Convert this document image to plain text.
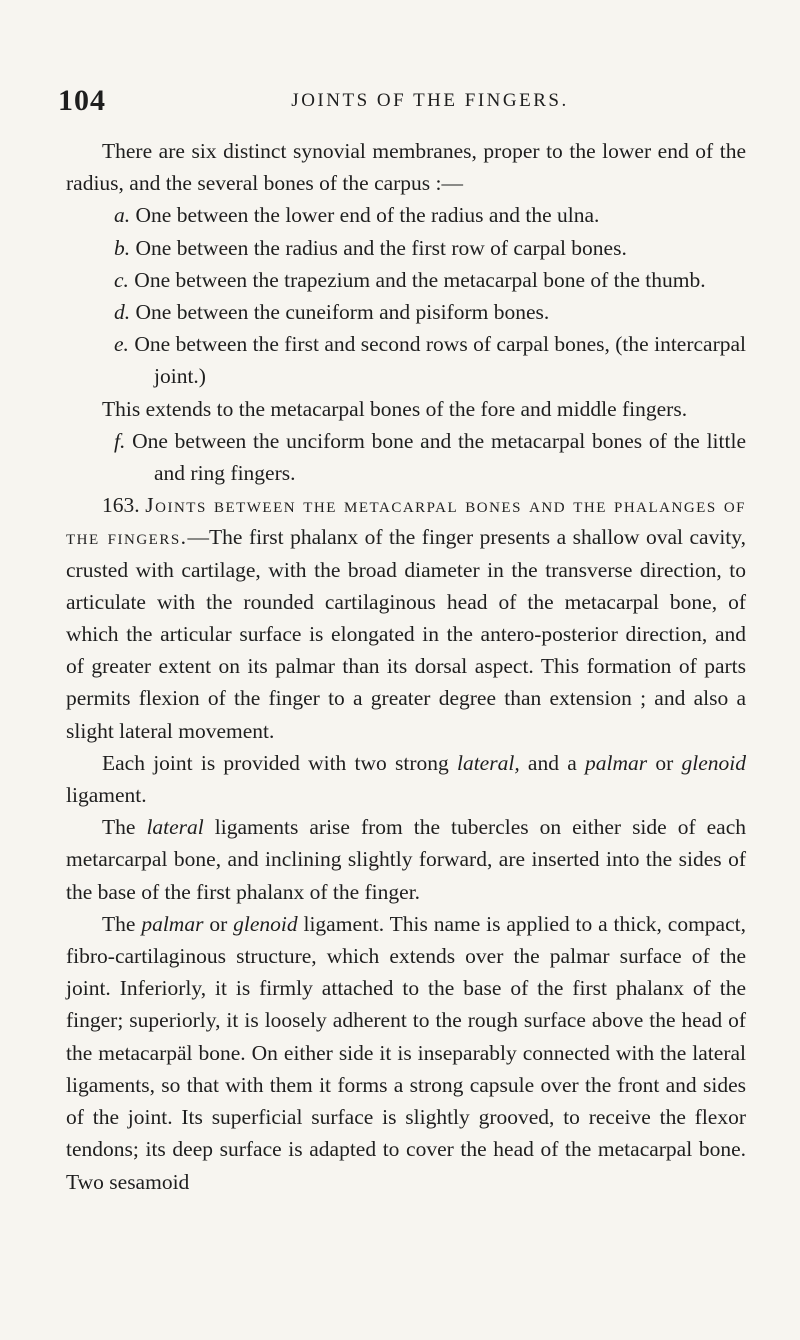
104	JOINTS OF THE FINGERS.

There are six distinct synovial membranes, proper to the lower end of the radius, and the several bones of the carpus :—

a. One between the lower end of the radius and the ulna.

b. One between the radius and the first row of carpal bones.

c. One between the trapezium and the metacarpal bone of the thumb.

d. One between the cuneiform and pisiform bones.

e. One between the first and second rows of carpal bones, (the intercarpal joint.)

This extends to the metacarpal bones of the fore and middle fingers.

f. One between the unciform bone and the metacarpal bones of the little and ring fingers.

163. Joints between the metacarpal bones and the phalanges of the fingers.—The first phalanx of the finger presents a shallow oval cavity, crusted with cartilage, with the broad diameter in the transverse direction, to articulate with the rounded cartilaginous head of the metacarpal bone, of which the articular surface is elongated in the antero-posterior direction, and of greater extent on its palmar than its dorsal aspect. This formation of parts permits flexion of the finger to a greater degree than extension ; and also a slight lateral movement.

Each joint is provided with two strong lateral, and a palmar or glenoid ligament.

The lateral ligaments arise from the tubercles on either side of each metarcarpal bone, and inclining slightly forward, are inserted into the sides of the base of the first phalanx of the finger.

The palmar or glenoid ligament. This name is applied to a thick, compact, fibro-cartilaginous structure, which extends over the palmar surface of the joint. Inferiorly, it is firmly attached to the base of the first phalanx of the finger; superiorly, it is loosely adherent to the rough surface above the head of the metacarpäl bone. On either side it is inseparably connected with the lateral ligaments, so that with them it forms a strong capsule over the front and sides of the joint. Its superficial surface is slightly grooved, to receive the flexor tendons; its deep surface is adapted to cover the head of the metacarpal bone. Two sesamoid
